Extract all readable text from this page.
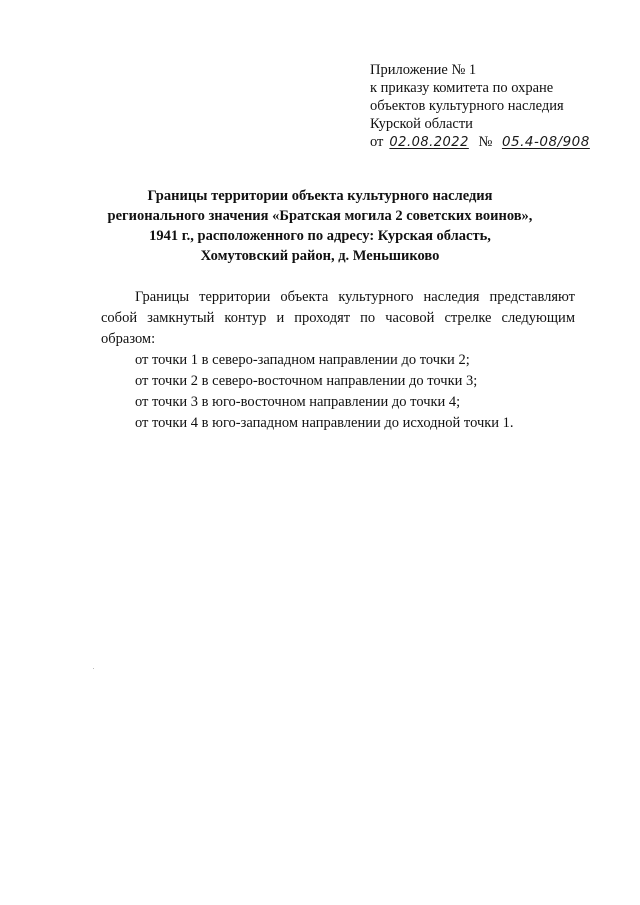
Приложение № 1
к приказу комитета по охране
объектов культурного наследия
Курской области
от 02.08.2022 № 05.4-08/908
Границы территории объекта культурного наследия
регионального значения «Братская могила 2 советских воинов»,
1941 г., расположенного по адресу: Курская область,
Хомутовский район, д. Меньшиково

Границы территории объекта культурного наследия представляют собой замкнутый контур и проходят по часовой стрелке следующим образом:

от точки 1 в северо-западном направлении до точки 2;

от точки 2 в северо-восточном направлении до точки 3;

от точки 3 в юго-восточном направлении до точки 4;

от точки 4 в юго-западном направлении до исходной точки 1.
